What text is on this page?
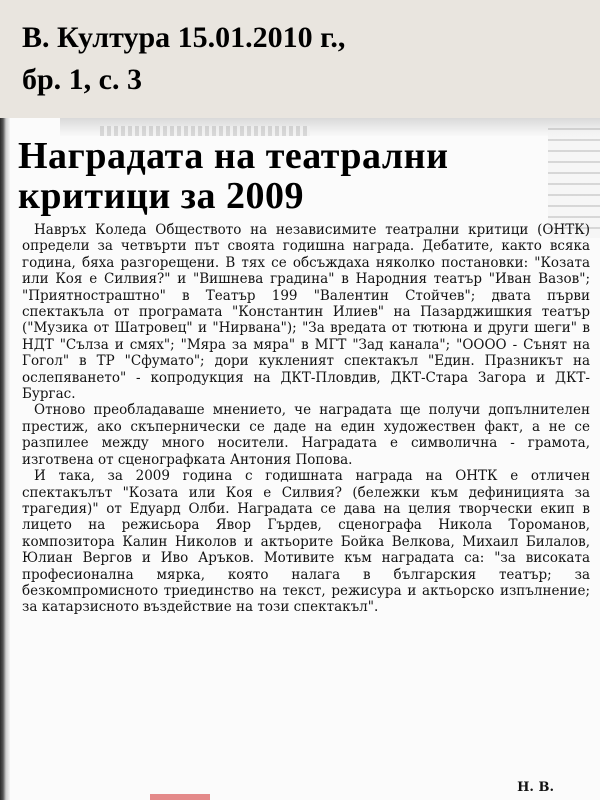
В. Култура 15.01.2010 г.,
бр. 1, с. 3
Наградата на театрални критици за 2009

Навръх Коледа Обществото на независимите театрални критици (ОНТК) определи за четвърти път своята годишна награда. Дебатите, както всяка година, бяха разгорещени. В тях се обсъждаха няколко постановки: "Козата или Коя е Силвия?" и "Вишнева градина" в Народния театър "Иван Вазов"; "Приятностраштно" в Театър 199 "Валентин Стойчев"; двата първи спектакъла от програмата "Константин Илиев" на Пазарджишкия театър ("Музика от Шатровец" и "Нирвана"); "За вредата от тютюна и други шеги" в НДТ "Сълза и смях"; "Мяра за мяра" в МГТ "Зад канала"; "ОООО - Сънят на Гогол" в ТР "Сфумато"; дори кукленият спектакъл "Един. Празникът на ослепяването" - копродукция на ДКТ-Пловдив, ДКТ-Стара Загора и ДКТ-Бургас.

Отново преобладаваше мнението, че наградата ще получи допълнителен престиж, ако скъпернически се даде на един художествен факт, а не се разпилее между много носители. Наградата е символична - грамота, изготвена от сценографката Антония Попова.

И така, за 2009 година с годишната награда на ОНТК е отличен спектакълът "Козата или Коя е Силвия? (бележки към дефиницията за трагедия)" от Едуард Олби. Наградата се дава на целия творчески екип в лицето на режисьора Явор Гърдев, сценографа Никола Тороманов, композитора Калин Николов и актьорите Бойка Велкова, Михаил Билалов, Юлиан Вергов и Иво Аръков. Мотивите към наградата са: "за високата професионална мярка, която налага в българския театър; за безкомпромисното триединство на текст, режисура и актьорско изпълнение; за катарзисното въздействие на този спектакъл".

Н. В.
